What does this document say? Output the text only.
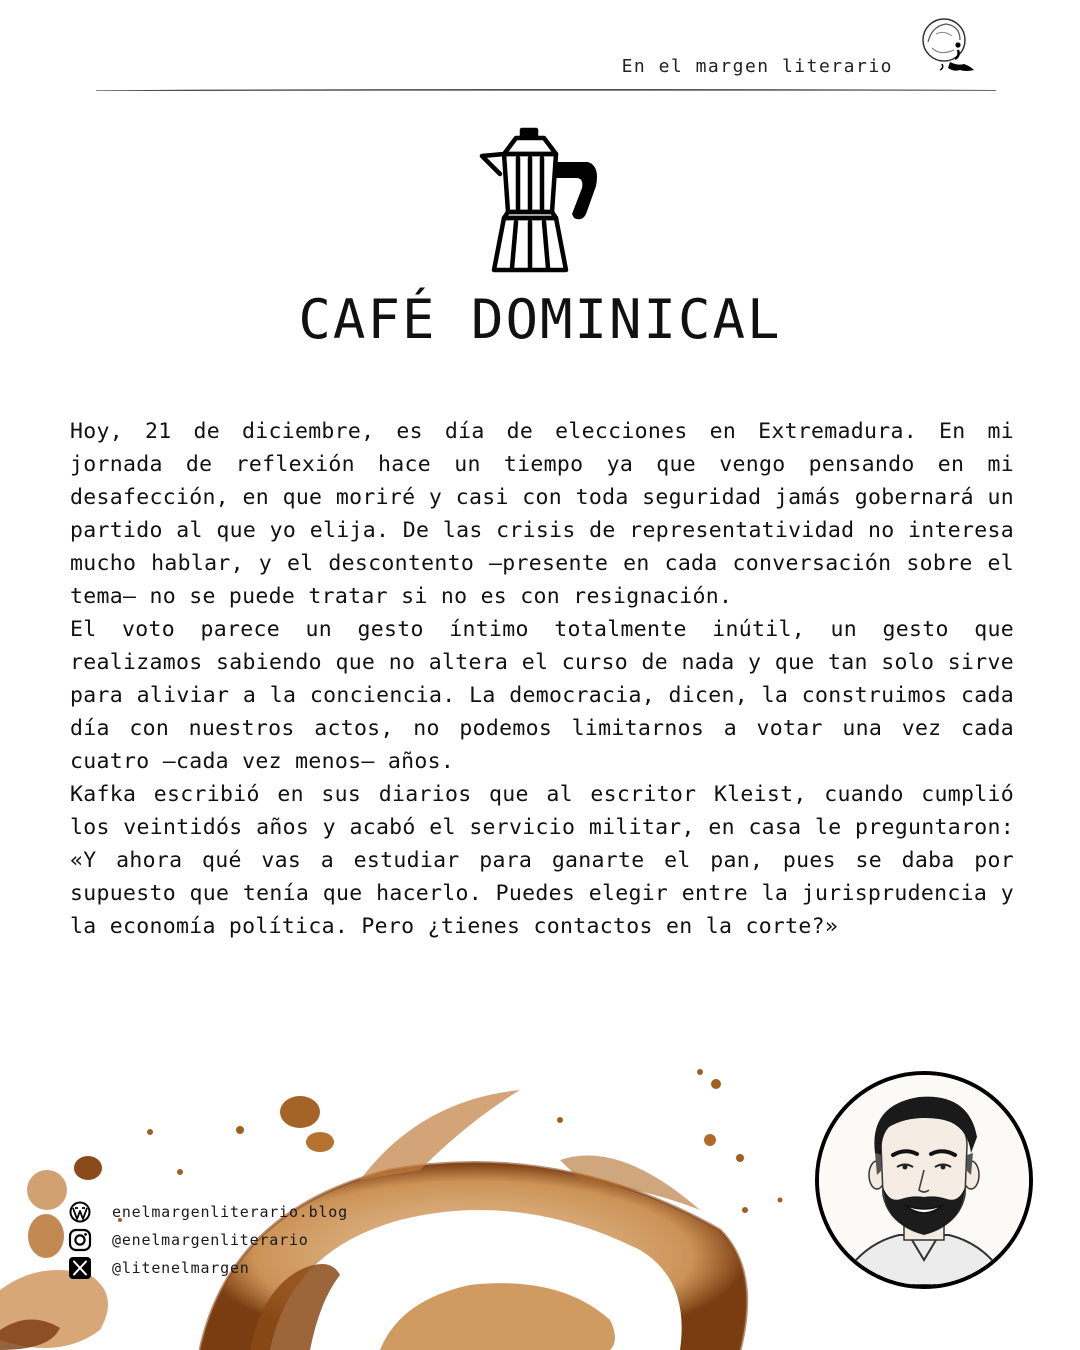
En el margen literario
CAFÉ DOMINICAL

Hoy, 21 de diciembre, es día de elecciones en Extremadura. En mi jornada de reflexión hace un tiempo ya que vengo pensando en mi desafección, en que moriré y casi con toda seguridad jamás gobernará un partido al que yo elija. De las crisis de representatividad no interesa mucho hablar, y el descontento —presente en cada conversación sobre el tema— no se puede tratar si no es con resignación.

El voto parece un gesto íntimo totalmente inútil, un gesto que realizamos sabiendo que no altera el curso de nada y que tan solo sirve para aliviar a la conciencia. La democracia, dicen, la construimos cada día con nuestros actos, no podemos limitarnos a votar una vez cada cuatro —cada vez menos— años.

Kafka escribió en sus diarios que al escritor Kleist, cuando cumplió los veintidós años y acabó el servicio militar, en casa le preguntaron: «Y ahora qué vas a estudiar para ganarte el pan, pues se daba por supuesto que tenía que hacerlo. Puedes elegir entre la jurisprudencia y la economía política. Pero ¿tienes contactos en la corte?»

enelmargenliterario.blog
@enelmargenliterario
@litenelmargen
